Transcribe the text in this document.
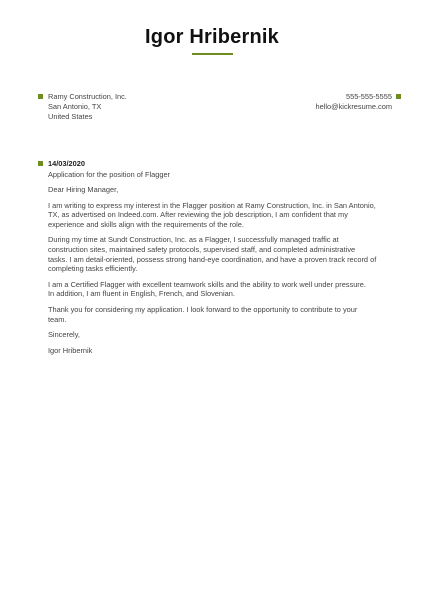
Igor Hribernik
Ramy Construction, Inc.
San Antonio, TX
United States
555-555-5555
hello@kickresume.com
14/03/2020
Application for the position of Flagger

Dear Hiring Manager,

I am writing to express my interest in the Flagger position at Ramy Construction, Inc. in San Antonio,
TX, as advertised on Indeed.com. After reviewing the job description, I am confident that my
experience and skills align with the requirements of the role.

During my time at Sundt Construction, Inc. as a Flagger, I successfully managed traffic at
construction sites, maintained safety protocols, supervised staff, and completed administrative
tasks. I am detail-oriented, possess strong hand-eye coordination, and have a proven track record of
completing tasks efficiently.

I am a Certified Flagger with excellent teamwork skills and the ability to work well under pressure.
In addition, I am fluent in English, French, and Slovenian.

Thank you for considering my application. I look forward to the opportunity to contribute to your
team.

Sincerely,

Igor Hribernik
